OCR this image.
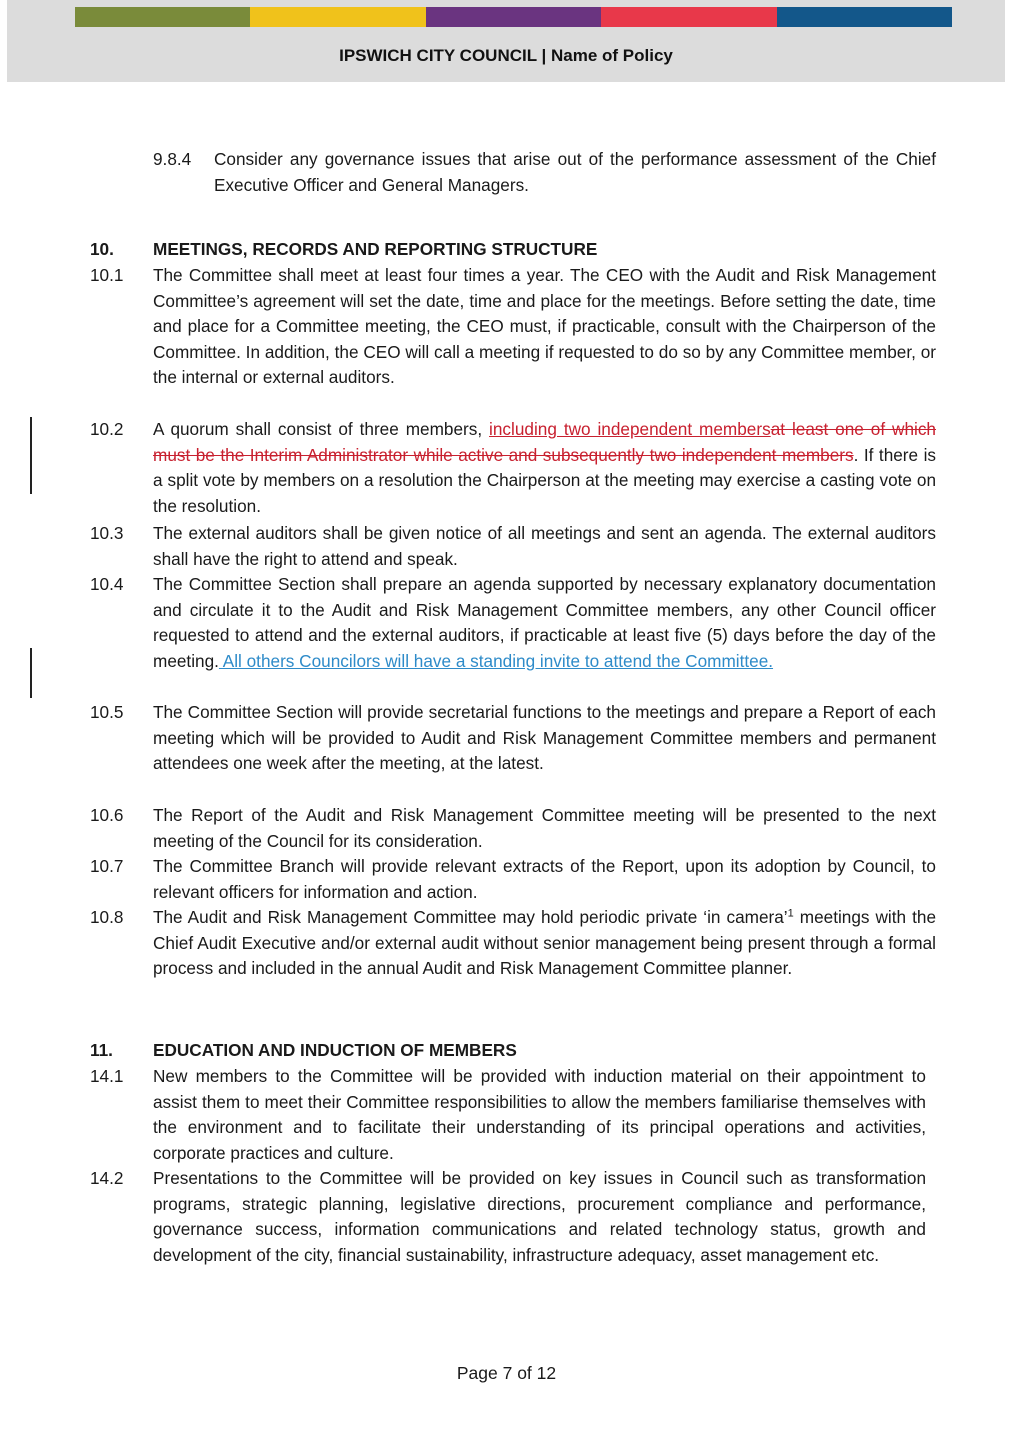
IPSWICH CITY COUNCIL | Name of Policy
9.8.4 Consider any governance issues that arise out of the performance assessment of the Chief Executive Officer and General Managers.
10. MEETINGS, RECORDS AND REPORTING STRUCTURE
10.1 The Committee shall meet at least four times a year. The CEO with the Audit and Risk Management Committee’s agreement will set the date, time and place for the meetings. Before setting the date, time and place for a Committee meeting, the CEO must, if practicable, consult with the Chairperson of the Committee. In addition, the CEO will call a meeting if requested to do so by any Committee member, or the internal or external auditors.
10.2 A quorum shall consist of three members, including two independent membersat least one of which must be the Interim Administrator while active and subsequently two independent members. If there is a split vote by members on a resolution the Chairperson at the meeting may exercise a casting vote on the resolution.
10.3 The external auditors shall be given notice of all meetings and sent an agenda. The external auditors shall have the right to attend and speak.
10.4 The Committee Section shall prepare an agenda supported by necessary explanatory documentation and circulate it to the Audit and Risk Management Committee members, any other Council officer requested to attend and the external auditors, if practicable at least five (5) days before the day of the meeting. All others Councilors will have a standing invite to attend the Committee.
10.5 The Committee Section will provide secretarial functions to the meetings and prepare a Report of each meeting which will be provided to Audit and Risk Management Committee members and permanent attendees one week after the meeting, at the latest.
10.6 The Report of the Audit and Risk Management Committee meeting will be presented to the next meeting of the Council for its consideration.
10.7 The Committee Branch will provide relevant extracts of the Report, upon its adoption by Council, to relevant officers for information and action.
10.8 The Audit and Risk Management Committee may hold periodic private ‘in camera’$^1$ meetings with the Chief Audit Executive and/or external audit without senior management being present through a formal process and included in the annual Audit and Risk Management Committee planner.
11. EDUCATION AND INDUCTION OF MEMBERS
14.1 New members to the Committee will be provided with induction material on their appointment to assist them to meet their Committee responsibilities to allow the members familiarise themselves with the environment and to facilitate their understanding of its principal operations and activities, corporate practices and culture.
14.2 Presentations to the Committee will be provided on key issues in Council such as transformation programs, strategic planning, legislative directions, procurement compliance and performance, governance success, information communications and related technology status, growth and development of the city, financial sustainability, infrastructure adequacy, asset management etc.
Page 7 of 12
